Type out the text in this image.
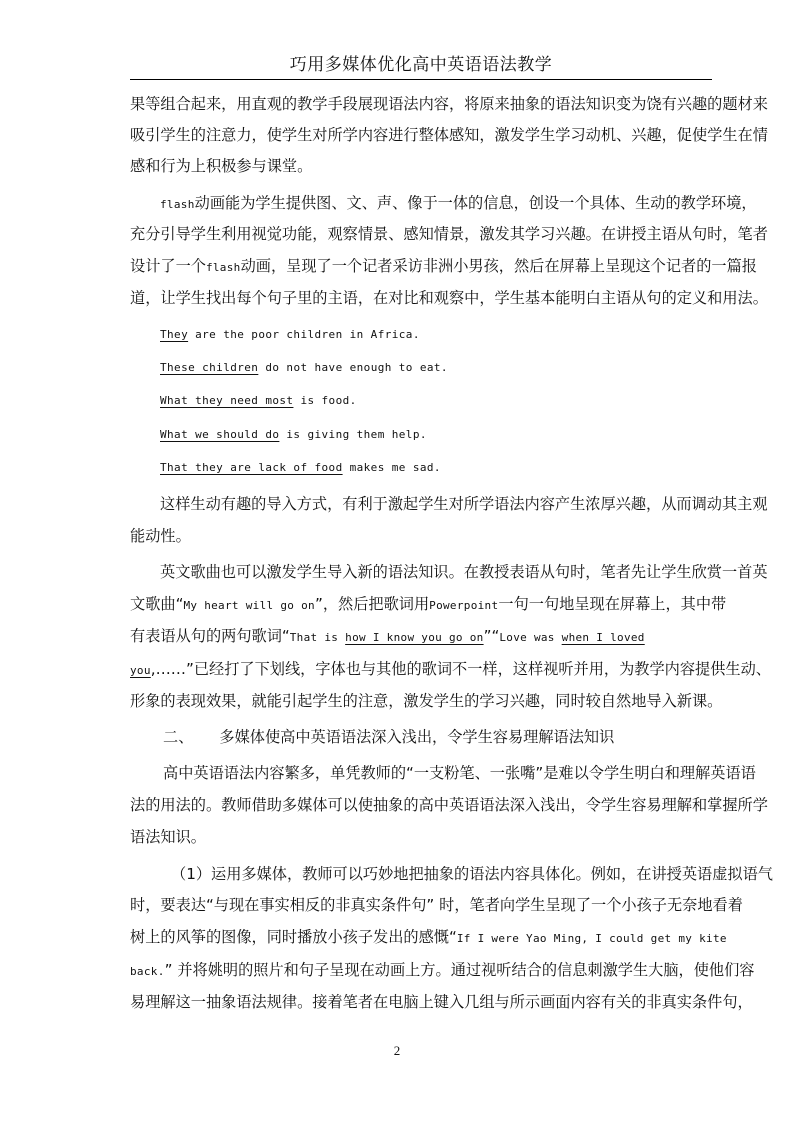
巧用多媒体优化高中英语语法教学
果等组合起来，用直观的教学手段展现语法内容，将原来抽象的语法知识变为饶有兴趣的题材来
吸引学生的注意力，使学生对所学内容进行整体感知，激发学生学习动机、兴趣，促使学生在情
感和行为上积极参与课堂。
flash动画能为学生提供图、文、声、像于一体的信息，创设一个具体、生动的教学环境，
充分引导学生利用视觉功能，观察情景、感知情景，激发其学习兴趣。在讲授主语从句时，笔者
设计了一个flash动画，呈现了一个记者采访非洲小男孩，然后在屏幕上呈现这个记者的一篇报
道，让学生找出每个句子里的主语，在对比和观察中，学生基本能明白主语从句的定义和用法。
They are the poor children in Africa.
These children do not have enough to eat.
What they need most is food.
What we should do is giving them help.
That they are lack of food makes me sad.
这样生动有趣的导入方式，有利于激起学生对所学语法内容产生浓厚兴趣，从而调动其主观
能动性。
英文歌曲也可以激发学生导入新的语法知识。在教授表语从句时，笔者先让学生欣赏一首英
文歌曲“My heart will go on”，然后把歌词用Powerpoint一句一句地呈现在屏幕上，其中带
有表语从句的两句歌词“That is how I know you go on”“Love was when I loved
you,……”已经打了下划线，字体也与其他的歌词不一样，这样视听并用，为教学内容提供生动、
形象的表现效果，就能引起学生的注意，激发学生的学习兴趣，同时较自然地导入新课。
二、 多媒体使高中英语语法深入浅出，令学生容易理解语法知识
高中英语语法内容繁多，单凭教师的“一支粉笔、一张嘴”是难以令学生明白和理解英语语
法的用法的。教师借助多媒体可以使抽象的高中英语语法深入浅出，令学生容易理解和掌握所学
语法知识。
（1）运用多媒体，教师可以巧妙地把抽象的语法内容具体化。例如，在讲授英语虚拟语气
时，要表达“与现在事实相反的非真实条件句” 时，笔者向学生呈现了一个小孩子无奈地看着
树上的风筝的图像，同时播放小孩子发出的感慨“If I were Yao Ming, I could get my kite
back.” 并将姚明的照片和句子呈现在动画上方。通过视听结合的信息刺激学生大脑，使他们容
易理解这一抽象语法规律。接着笔者在电脑上键入几组与所示画面内容有关的非真实条件句，
2
